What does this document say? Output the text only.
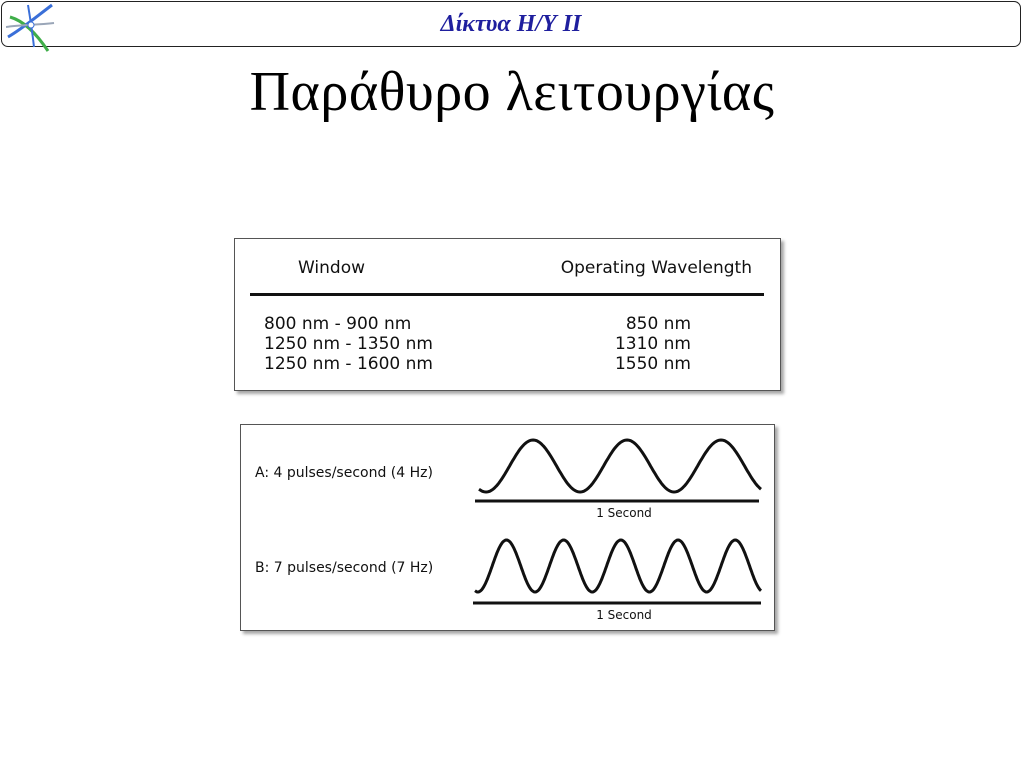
Δίκτυα Η/Υ ΙΙ
Παράθυρο λειτουργίας
Window	Operating Wavelength
800 nm - 900 nm	850 nm
1250 nm - 1350 nm	1310 nm
1250 nm - 1600 nm	1550 nm
A: 4 pulses/second (4 Hz)
B: 7 pulses/second (7 Hz)
1 Second
1 Second
